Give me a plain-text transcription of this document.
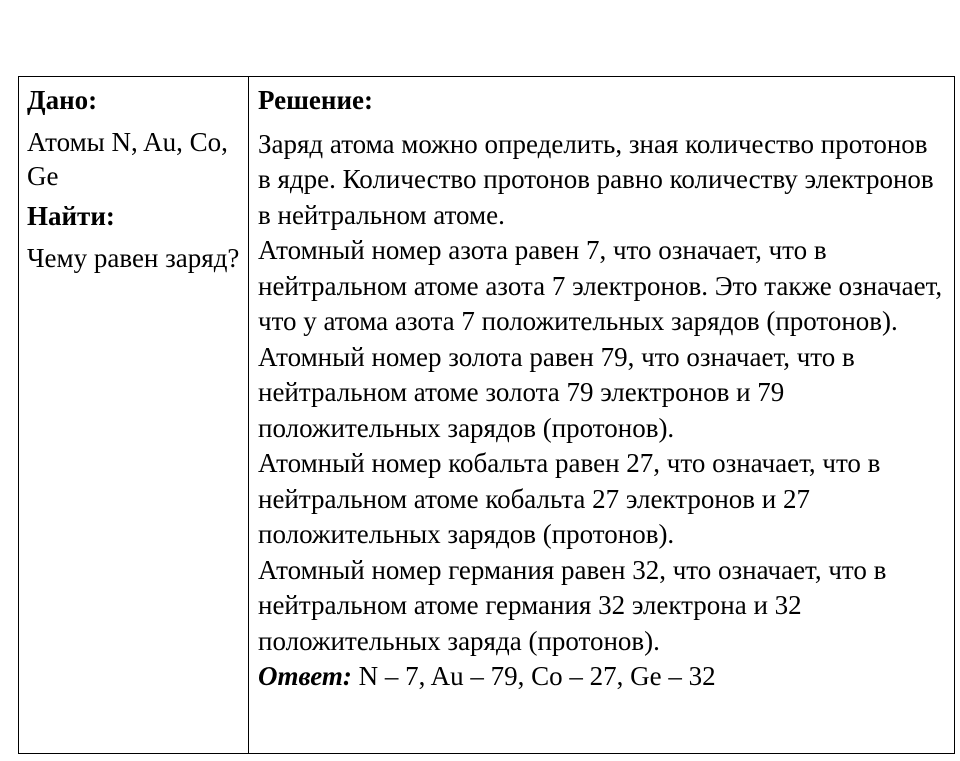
Дано:
Атомы N, Au, Co, Ge
Найти:
Чему равен заряд?
Решение:
Заряд атома можно определить, зная количество протонов в ядре. Количество протонов равно количеству электронов в нейтральном атоме.
Атомный номер азота равен 7, что означает, что в нейтральном атоме азота 7 электронов. Это также означает, что у атома азота 7 положительных зарядов (протонов).
Атомный номер золота равен 79, что означает, что в нейтральном атоме золота 79 электронов и 79 положительных зарядов (протонов).
Атомный номер кобальта равен 27, что означает, что в нейтральном атоме кобальта 27 электронов и 27 положительных зарядов (протонов).
Атомный номер германия равен 32, что означает, что в нейтральном атоме германия 32 электрона и 32 положительных заряда (протонов).
Ответ: N – 7, Au – 79, Co – 27, Ge – 32
